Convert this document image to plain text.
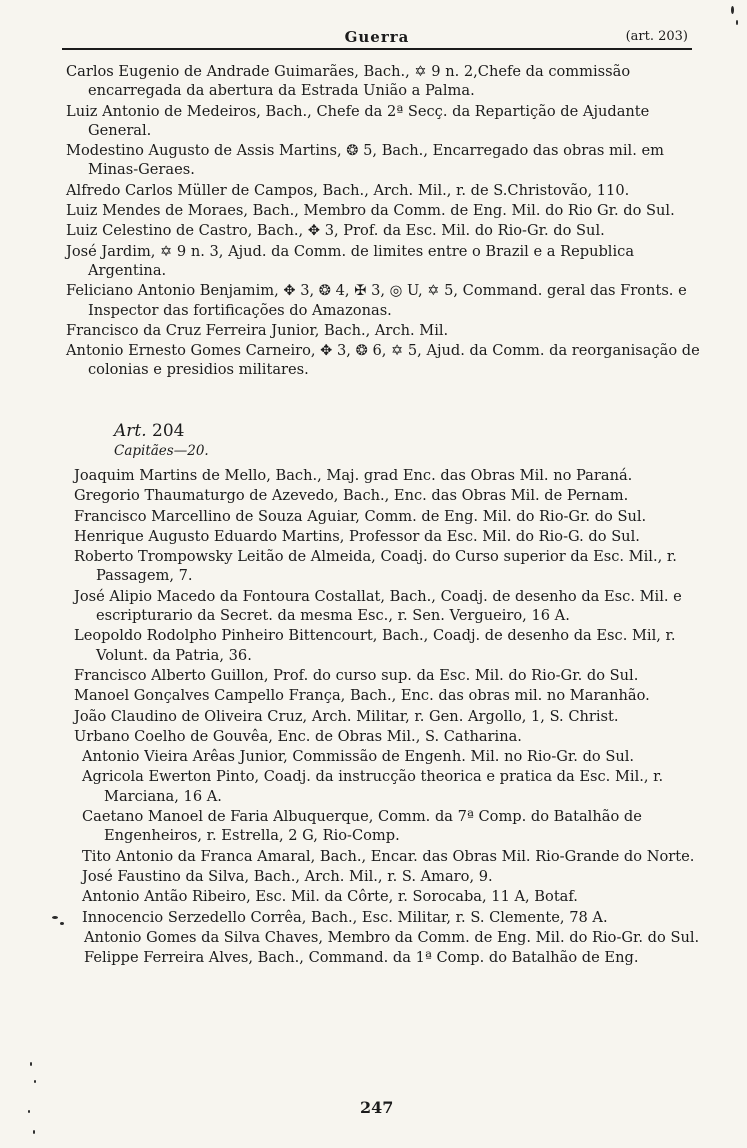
Guerra	(art. 203)

Carlos Eugenio de Andrade Guimarães, Bach., ✡ 9 n. 2,Chefe da commissão encarregada da abertura da Estrada União a Palma.

Luiz Antonio de Medeiros, Bach., Chefe da 2ª Secç. da Repartição de Ajudante General.

Modestino Augusto de Assis Martins, ❂ 5, Bach., Encarregado das obras mil. em Minas-Geraes.

Alfredo Carlos Müller de Campos, Bach., Arch. Mil., r. de S.Christovão, 110.

Luiz Mendes de Moraes, Bach., Membro da Comm. de Eng. Mil. do Rio Gr. do Sul.

Luiz Celestino de Castro, Bach., ✥ 3, Prof. da Esc. Mil. do Rio-Gr. do Sul.

José Jardim, ✡ 9 n. 3, Ajud. da Comm. de limites entre o Brazil e a Republica Argentina.

Feliciano Antonio Benjamim, ✥ 3, ❂ 4, ✠ 3, ◎ U, ✡ 5, Command. geral das Fronts. e Inspector das fortificações do Amazonas.

Francisco da Cruz Ferreira Junior, Bach., Arch. Mil.

Antonio Ernesto Gomes Carneiro, ✥ 3, ❂ 6, ✡ 5, Ajud. da Comm. da reorganisação de colonias e presidios militares.

Art. 204
Capitães—20.

Joaquim Martins de Mello, Bach., Maj. grad Enc. das Obras Mil. no Paraná.

Gregorio Thaumaturgo de Azevedo, Bach., Enc. das Obras Mil. de Pernam.

Francisco Marcellino de Souza Aguiar, Comm. de Eng. Mil. do Rio-Gr. do Sul.

Henrique Augusto Eduardo Martins, Professor da Esc. Mil. do Rio-G. do Sul.

Roberto Trompowsky Leitão de Almeida, Coadj. do Curso superior da Esc. Mil., r. Passagem, 7.

José Alipio Macedo da Fontoura Costallat, Bach., Coadj. de desenho da Esc. Mil. e escripturario da Secret. da mesma Esc., r. Sen. Vergueiro, 16 A.

Leopoldo Rodolpho Pinheiro Bittencourt, Bach., Coadj. de desenho da Esc. Mil, r. Volunt. da Patria, 36.

Francisco Alberto Guillon, Prof. do curso sup. da Esc. Mil. do Rio-Gr. do Sul.

Manoel Gonçalves Campello França, Bach., Enc. das obras mil. no Maranhão.

João Claudino de Oliveira Cruz, Arch. Militar, r. Gen. Argollo, 1, S. Christ.

Urbano Coelho de Gouvêa, Enc. de Obras Mil., S. Catharina.

Antonio Vieira Arêas Junior, Commissão de Engenh. Mil. no Rio-Gr. do Sul.

Agricola Ewerton Pinto, Coadj. da instrucção theorica e pratica da Esc. Mil., r. Marciana, 16 A.

Caetano Manoel de Faria Albuquerque, Comm. da 7ª Comp. do Batalhão de Engenheiros, r. Estrella, 2 G, Rio-Comp.

Tito Antonio da Franca Amaral, Bach., Encar. das Obras Mil. Rio-Grande do Norte.

José Faustino da Silva, Bach., Arch. Mil., r. S. Amaro, 9.

Antonio Antão Ribeiro, Esc. Mil. da Côrte, r. Sorocaba, 11 A, Botaf.

Innocencio Serzedello Corrêa, Bach., Esc. Militar, r. S. Clemente, 78 A.

Antonio Gomes da Silva Chaves, Membro da Comm. de Eng. Mil. do Rio-Gr. do Sul.

Felippe Ferreira Alves, Bach., Command. da 1ª Comp. do Batalhão de Eng.

247
